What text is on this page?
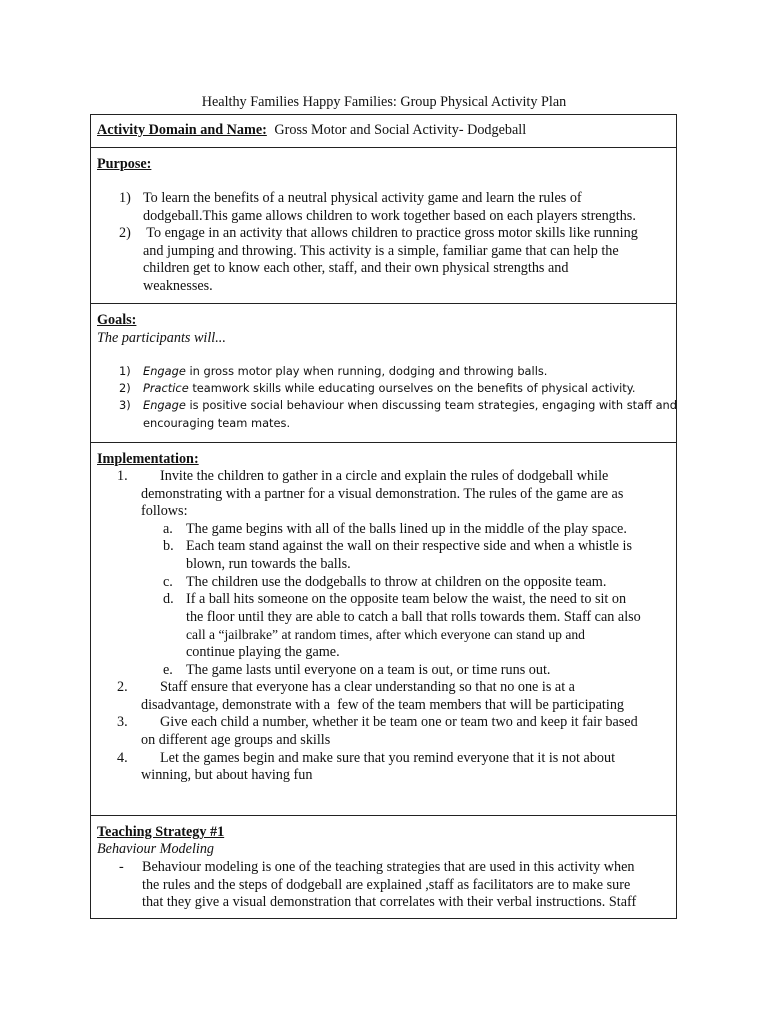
Healthy Families Happy Families: Group Physical Activity Plan
Activity Domain and Name: Gross Motor and Social Activity- Dodgeball
Purpose:
1) To learn the benefits of a neutral physical activity game and learn the rules of
dodgeball.This game allows children to work together based on each players strengths.
2) To engage in an activity that allows children to practice gross motor skills like running
and jumping and throwing. This activity is a simple, familiar game that can help the
children get to know each other, staff, and their own physical strengths and
weaknesses.
Goals:
The participants will...
1) Engage in gross motor play when running, dodging and throwing balls.
2) Practice teamwork skills while educating ourselves on the benefits of physical activity.
3) Engage is positive social behaviour when discussing team strategies, engaging with staff and
encouraging team mates.
Implementation:
1.	Invite the children to gather in a circle and explain the rules of dodgeball while
demonstrating with a partner for a visual demonstration. The rules of the game are as
follows:
a. The game begins with all of the balls lined up in the middle of the play space.
b. Each team stand against the wall on their respective side and when a whistle is
blown, run towards the balls.
c. The children use the dodgeballs to throw at children on the opposite team.
d. If a ball hits someone on the opposite team below the waist, the need to sit on
the floor until they are able to catch a ball that rolls towards them. Staff can also
call a “jailbrake” at random times, after which everyone can stand up and
continue playing the game.
e. The game lasts until everyone on a team is out, or time runs out.
2.	Staff ensure that everyone has a clear understanding so that no one is at a
disadvantage, demonstrate with a  few of the team members that will be participating
3.	Give each child a number, whether it be team one or team two and keep it fair based
on different age groups and skills
4.	Let the games begin and make sure that you remind everyone that it is not about
winning, but about having fun
Teaching Strategy #1
Behaviour Modeling
- Behaviour modeling is one of the teaching strategies that are used in this activity when
the rules and the steps of dodgeball are explained ,staff as facilitators are to make sure
that they give a visual demonstration that correlates with their verbal instructions. Staff
